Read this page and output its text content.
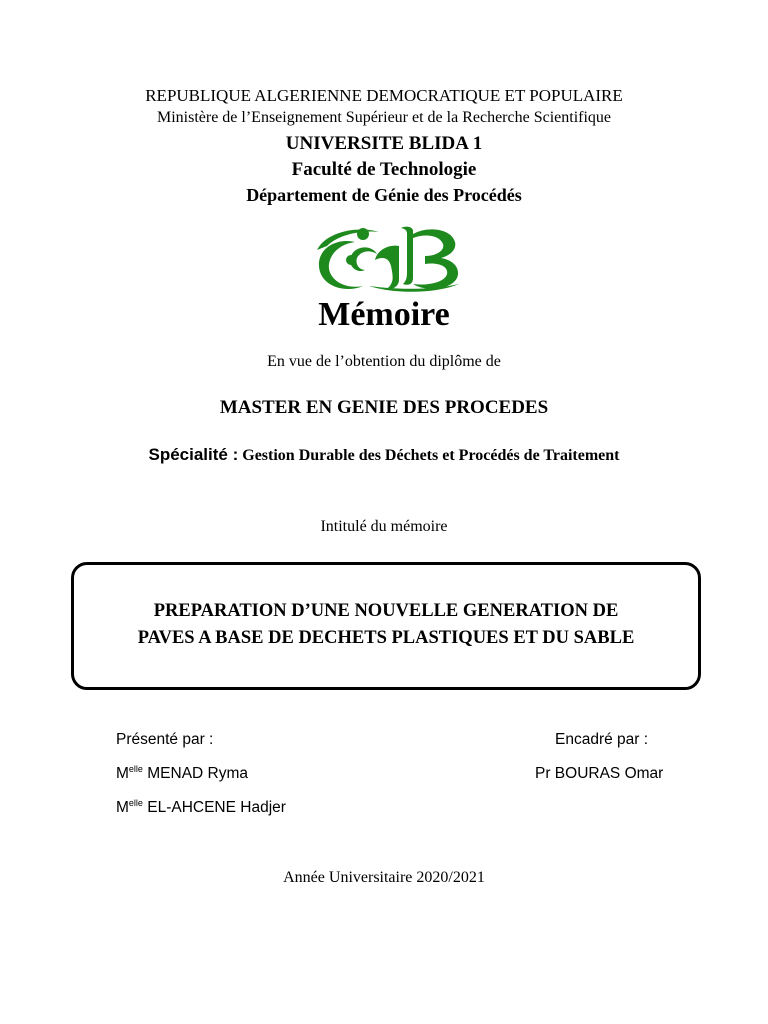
REPUBLIQUE ALGERIENNE DEMOCRATIQUE ET POPULAIRE
Ministère de l’Enseignement Supérieur et de la Recherche Scientifique
UNIVERSITE BLIDA 1
Faculté de Technologie
Département de Génie des Procédés
Mémoire
En vue de l’obtention du diplôme de
MASTER EN GENIE DES PROCEDES
Spécialité : Gestion Durable des Déchets et Procédés de Traitement
Intitulé du mémoire
PREPARATION D’UNE NOUVELLE GENERATION DE
PAVES A BASE DE DECHETS PLASTIQUES ET DU SABLE
Présenté par :
$M^{elle}$ MENAD Ryma
$M^{elle}$ EL-AHCENE Hadjer
Encadré par :
Pr BOURAS Omar
Année Universitaire 2020/2021
